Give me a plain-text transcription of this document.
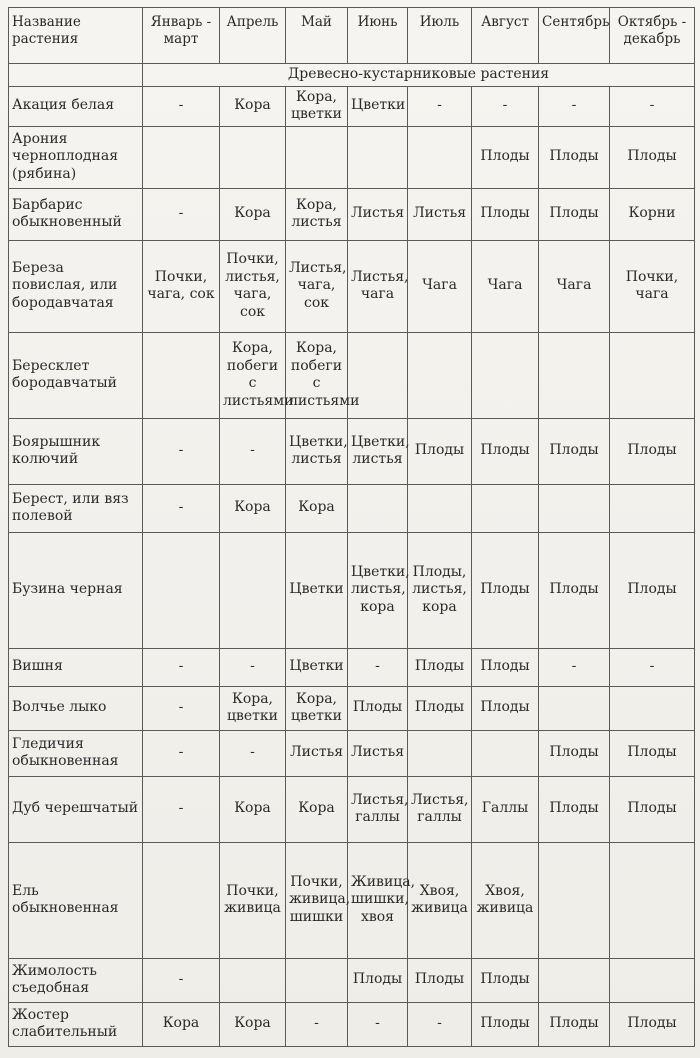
Название растения	Январь - март	Апрель	Май	Июнь	Июль	Август	Сентябрь	Октябрь - декабрь
	Древесно-кустарниковые растения							
Акация белая	-	Кора	Кора, цветки	Цветки	-	-	-	-
Арония черноплодная (рябина)						Плоды	Плоды	Плоды
Барбарис обыкновенный	-	Кора	Кора, листья	Листья	Листья	Плоды	Плоды	Корни
Береза повислая, или бородавчатая	Почки, чага, сок	Почки, листья, чага, сок	Листья, чага, сок	Листья, чага	Чага	Чага	Чага	Почки, чага
Бересклет бородавчатый		Кора, побеги с листьями	Кора, побеги с листьями					
Боярышник колючий	-	-	Цветки, листья	Цветки, листья	Плоды	Плоды	Плоды	Плоды
Берест, или вяз полевой	-	Кора	Кора					
Бузина черная			Цветки	Цветки, листья, кора	Плоды, листья, кора	Плоды	Плоды	Плоды
Вишня	-	-	Цветки	-	Плоды	Плоды	-	-
Волчье лыко	-	Кора, цветки	Кора, цветки	Плоды	Плоды	Плоды		
Гледичия обыкновенная	-	-	Листья	Листья			Плоды	Плоды
Дуб черешчатый	-	Кора	Кора	Листья, галлы	Листья, галлы	Галлы	Плоды	Плоды
Ель обыкновенная		Почки, живица	Почки, живица, шишки	Живица, шишки, хвоя	Хвоя, живица	Хвоя, живица		
Жимолость съедобная	-			Плоды	Плоды	Плоды		
Жостер слабительный	Кора	Кора	-	-	-	Плоды	Плоды	Плоды
